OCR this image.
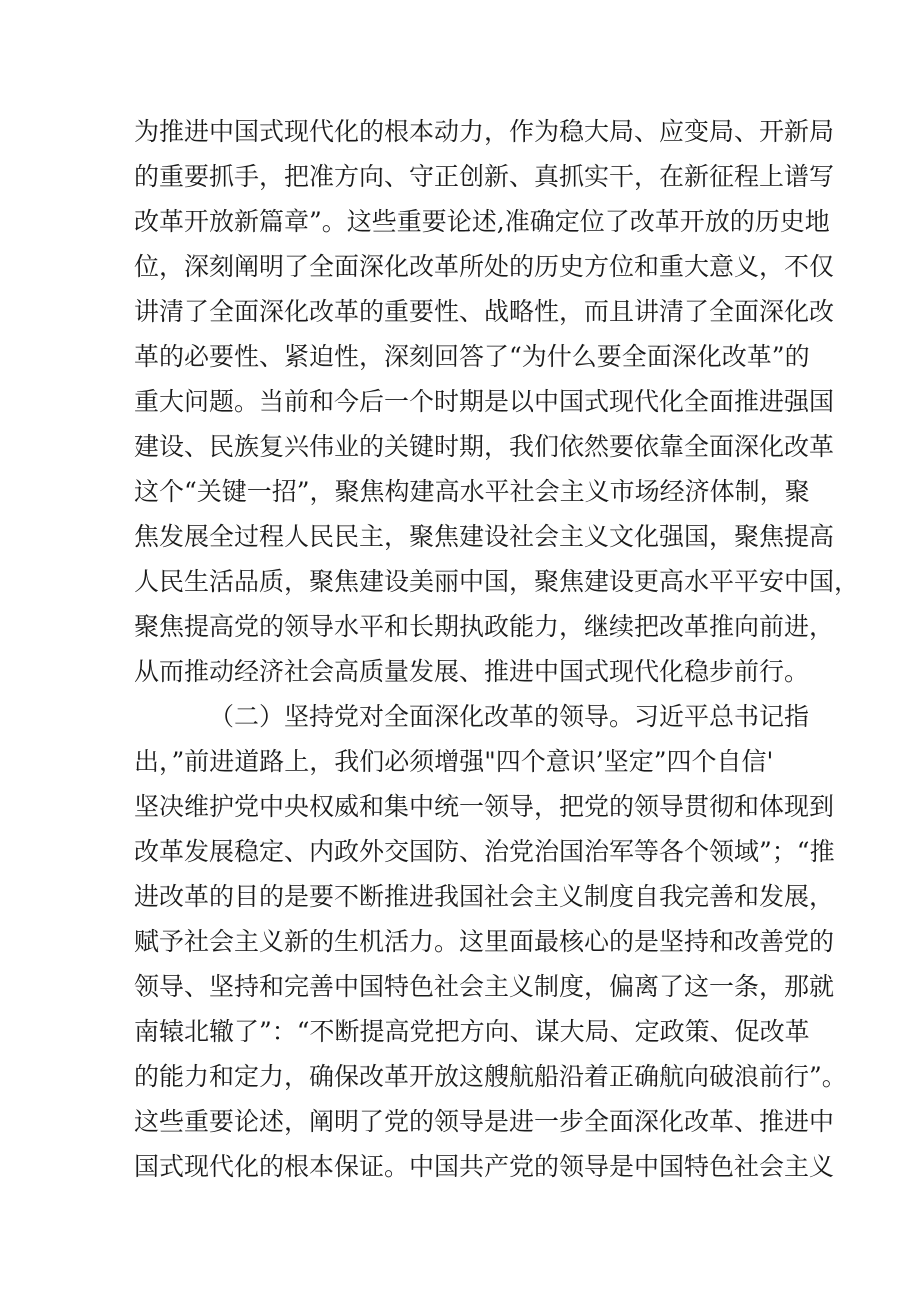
为推进中国式现代化的根本动力，作为稳大局、应变局、开新局
的重要抓手，把准方向、守正创新、真抓实干，在新征程上谱写
改革开放新篇章”。这些重要论述,准确定位了改革开放的历史地
位，深刻阐明了全面深化改革所处的历史方位和重大意义，不仅
讲清了全面深化改革的重要性、战略性，而且讲清了全面深化改
革的必要性、紧迫性，深刻回答了“为什么要全面深化改革”的
重大问题。当前和今后一个时期是以中国式现代化全面推进强国
建设、民族复兴伟业的关键时期，我们依然要依靠全面深化改革
这个“关键一招”，聚焦构建高水平社会主义市场经济体制，聚
焦发展全过程人民民主，聚焦建设社会主义文化强国，聚焦提高
人民生活品质，聚焦建设美丽中国，聚焦建设更高水平平安中国，
聚焦提高党的领导水平和长期执政能力，继续把改革推向前进，
从而推动经济社会高质量发展、推进中国式现代化稳步前行。
（二）坚持党对全面深化改革的领导。习近平总书记指
出，”前进道路上，我们必须增强"四个意识’坚定”四个自信'
坚决维护党中央权威和集中统一领导，把党的领导贯彻和体现到
改革发展稳定、内政外交国防、治党治国治军等各个领域”；“推
进改革的目的是要不断推进我国社会主义制度自我完善和发展，
赋予社会主义新的生机活力。这里面最核心的是坚持和改善党的
领导、坚持和完善中国特色社会主义制度，偏离了这一条，那就
南辕北辙了”：“不断提高党把方向、谋大局、定政策、促改革
的能力和定力，确保改革开放这艘航船沿着正确航向破浪前行”。
这些重要论述，阐明了党的领导是进一步全面深化改革、推进中
国式现代化的根本保证。中国共产党的领导是中国特色社会主义
